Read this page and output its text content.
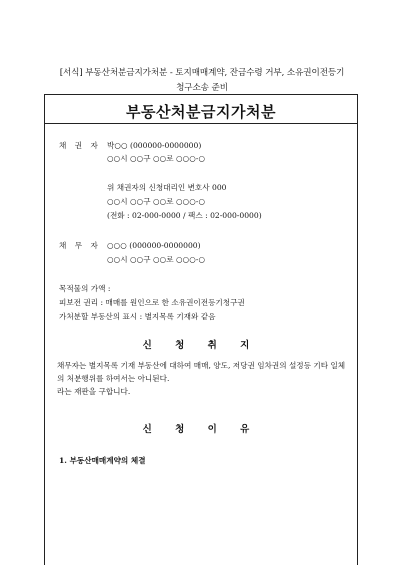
[서식] 부동산처분금지가처분 - 토지매매계약, 잔금수령 거부, 소유권이전등기
청구소송 준비
부동산처분금지가처분
채 권 자 박○○ (000000-0000000)
○○시 ○○구 ○○로 ○○○-○
위 채권자의 신청대리인 변호사 000
○○시 ○○구 ○○로 ○○○-○
(전화 : 02-000-0000 / 팩스 : 02-000-0000)
채 무 자 ○○○ (000000-0000000)
○○시 ○○구 ○○로 ○○○-○
목적물의 가액 :
피보전 권리 : 매매를 원인으로 한 소유권이전등기청구권
가처분할 부동산의 표시 : 별지목록 기재와 같음
신 청 취 지
채무자는 별지목록 기재 부동산에 대하여 매매, 양도, 저당권 임차권의 설정등 기타 일체의 처분행위를 하여서는 아니된다.
라는 재판을 구합니다.
신 청 이 유
1. 부동산매매계약의 체결
